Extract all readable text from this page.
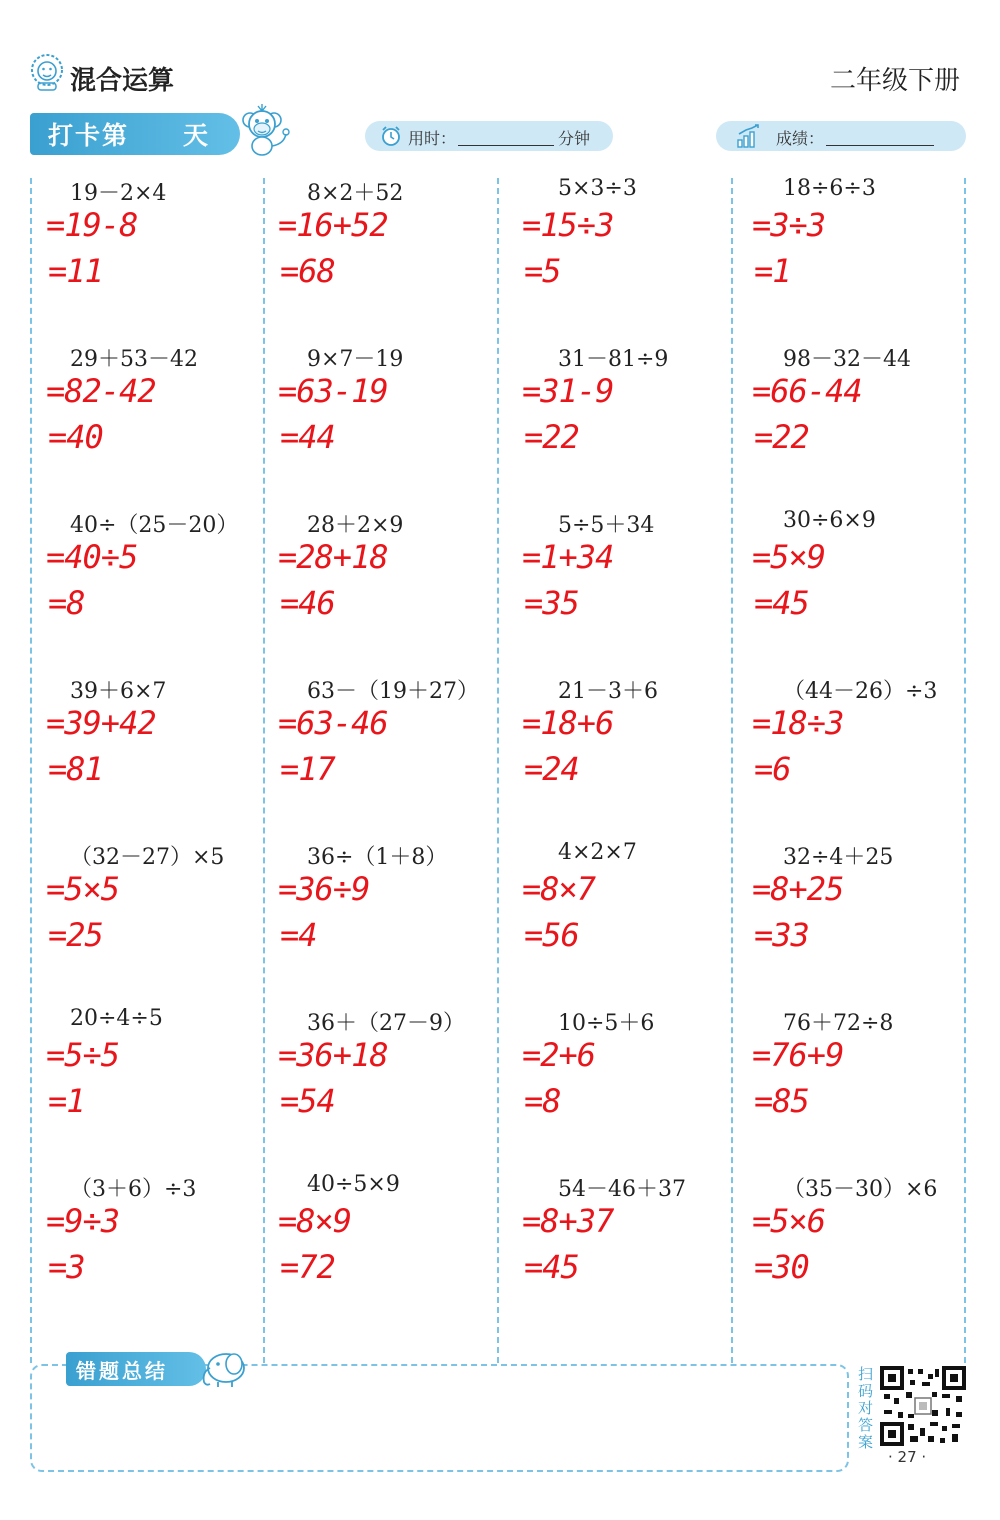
混合运算	二年级下册
打卡第 天	用时：	分钟	成绩：
19－2×4
=19-8
=11
29＋53－42
=82-42
=40
40÷（25－20）
=40÷5
=8
39＋6×7
=39+42
=81
（32－27）×5
=5×5
=25
20÷4÷5
=5÷5
=1
（3＋6）÷3
=9÷3
=3
8×2＋52
=16+52
=68
9×7－19
=63-19
=44
28＋2×9
=28+18
=46
63－（19＋27）
=63-46
=17
36÷（1＋8）
=36÷9
=4
36＋（27－9）
=36+18
=54
40÷5×9
=8×9
=72
5×3÷3
=15÷3
=5
31－81÷9
=31-9
=22
5÷5＋34
=1+34
=35
21－3＋6
=18+6
=24
4×2×7
=8×7
=56
10÷5＋6
=2+6
=8
54－46＋37
=8+37
=45
18÷6÷3
=3÷3
=1
98－32－44
=66-44
=22
30÷6×9
=5×9
=45
（44－26）÷3
=18÷3
=6
32÷4＋25
=8+25
=33
76＋72÷8
=76+9
=85
（35－30）×6
=5×6
=30
错题总结	扫码对答案
· 27 ·
